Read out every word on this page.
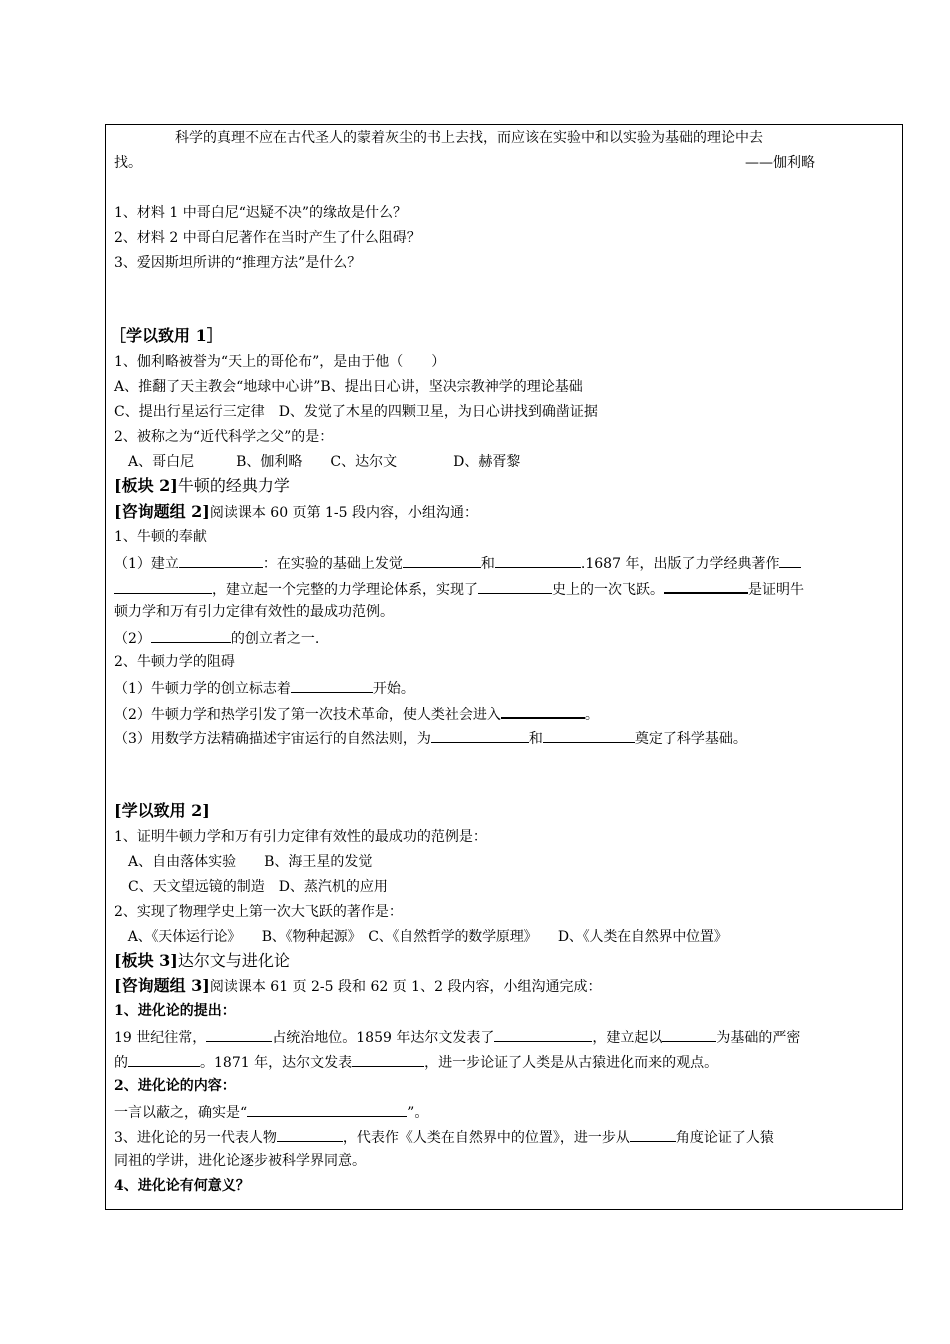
科学的真理不应在古代圣人的蒙着灰尘的书上去找，而应该在实验中和以实验为基础的理论中去
找。	——伽利略
1、材料 1 中哥白尼“迟疑不决”的缘故是什么？
2、材料 2 中哥白尼著作在当时产生了什么阻碍？
3、爱因斯坦所讲的“推理方法”是什么？
［学以致用 1］
1、伽利略被誉为“天上的哥伦布”，是由于他（　　）
A、推翻了天主教会“地球中心讲”B、提出日心讲，坚决宗教神学的理论基础
C、提出行星运行三定律　D、发觉了木星的四颗卫星，为日心讲找到确凿证据
2、被称之为“近代科学之父”的是：
　A、哥白尼　　　B、伽利略　　C、达尔文　　　　D、赫胥黎
[板块 2]牛顿的经典力学
[咨询题组 2]阅读课本 60 页第 1-5 段内容，小组沟通：
1、牛顿的奉献
（1）建立	：在实验的基础上发觉	和	.1687 年，出版了力学经典著作
，建立起一个完整的力学理论体系，实现了	史上的一次飞跃。	是证明牛
顿力学和万有引力定律有效性的最成功范例。
（2）	的创立者之一.
2、牛顿力学的阻碍
（1）牛顿力学的创立标志着	开始。
（2）牛顿力学和热学引发了第一次技术革命，使人类社会进入	。
（3）用数学方法精确描述宇宙运行的自然法则，为	和	奠定了科学基础。
[学以致用 2]
1、证明牛顿力学和万有引力定律有效性的最成功的范例是：
　A、自由落体实验　　B、海王星的发觉
　C、天文望远镜的制造　D、蒸汽机的应用
2、实现了物理学史上第一次大飞跃的著作是：
　A、《天体运行论》　　B、《物种起源》　C、《自然哲学的数学原理》　　D、《人类在自然界中位置》
[板块 3]达尔文与进化论
[咨询题组 3]阅读课本 61 页 2-5 段和 62 页 1、2 段内容，小组沟通完成：
1、进化论的提出：
19 世纪往常，	占统治地位。1859 年达尔文发表了	，建立起以	为基础的严密
的	。1871 年，达尔文发表	，进一步论证了人类是从古猿进化而来的观点。
2、进化论的内容：
一言以蔽之，确实是“	”。
3、进化论的另一代表人物	，代表作《人类在自然界中的位置》，进一步从	角度论证了人猿
同祖的学讲，进化论逐步被科学界同意。
4、进化论有何意义？
